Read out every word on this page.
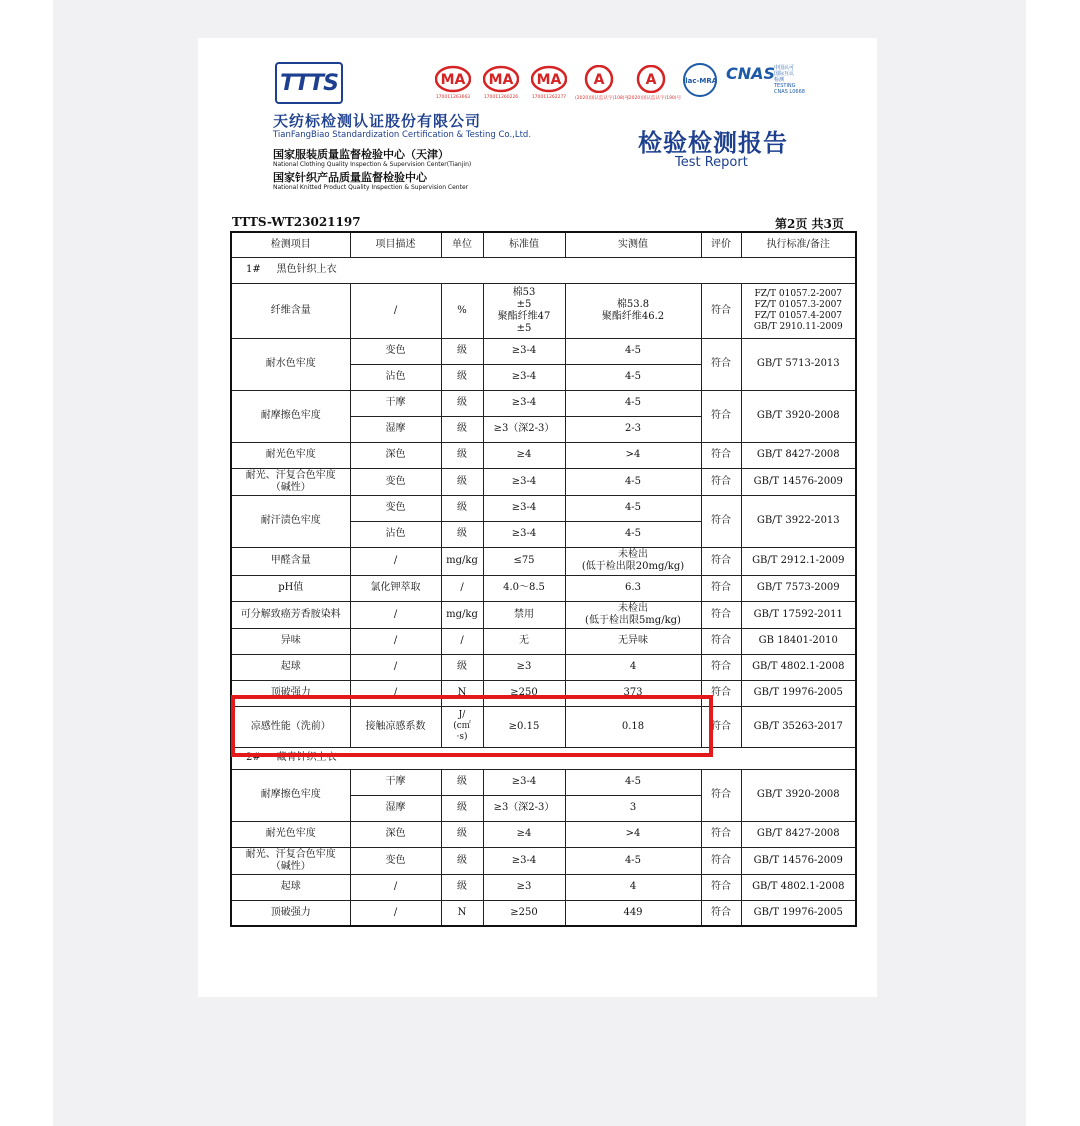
TTTS
天纺标检测认证股份有限公司
TianFangBiao Standardization Certification & Testing Co.,Ltd.
国家服装质量监督检验中心（天津）
National Clothing Quality Inspection & Supervision Center(Tianjin)
国家针织产品质量监督检验中心
National Knitted Product Quality Inspection & Supervision Center
MA
170011263663
MA
170011260226
MA
170011262277
A
(2020)国认监认字(108)号
A
(2020)国认监认字(190)号
ilac-MRA CNAS
中国认可
国际互认
检测
TESTING
CNAS L0668
检验检测报告
Test Report
TTTS-WT23021197	第2页 共3页
检测项目	项目描述	单位	标准值	实测值	评价	执行标准/备注
1#     黑色针织上衣						
纤维含量	/	%	棉53
±5
聚酯纤维47
±5	棉53.8
聚酯纤维46.2	符合	FZ/T 01057.2-2007
FZ/T 01057.3-2007
FZ/T 01057.4-2007
GB/T 2910.11-2009
耐水色牢度	变色	级	≥3-4	4-5	符合	GB/T 5713-2013
	沾色	级	≥3-4	4-5		
耐摩擦色牢度	干摩	级	≥3-4	4-5	符合	GB/T 3920-2008
	湿摩	级	≥3（深2-3）	2-3		
耐光色牢度	深色	级	≥4	>4	符合	GB/T 8427-2008
耐光、汗复合色牢度
（碱性）	变色	级	≥3-4	4-5	符合	GB/T 14576-2009
耐汗渍色牢度	变色	级	≥3-4	4-5	符合	GB/T 3922-2013
	沾色	级	≥3-4	4-5		
甲醛含量	/	mg/kg	≤75	未检出
(低于检出限20mg/kg)	符合	GB/T 2912.1-2009
pH值	氯化钾萃取	/	4.0～8.5	6.3	符合	GB/T 7573-2009
可分解致癌芳香胺染料	/	mg/kg	禁用	未检出
(低于检出限5mg/kg)	符合	GB/T 17592-2011
异味	/	/	无	无异味	符合	GB 18401-2010
起球	/	级	≥3	4	符合	GB/T 4802.1-2008
顶破强力	/	N	≥250	373	符合	GB/T 19976-2005
凉感性能（洗前）	接触凉感系数	J/
(c㎡
·s)	≥0.15	0.18	符合	GB/T 35263-2017
2#     藏青针织上衣						
耐摩擦色牢度	干摩	级	≥3-4	4-5	符合	GB/T 3920-2008
	湿摩	级	≥3（深2-3）	3		
耐光色牢度	深色	级	≥4	>4	符合	GB/T 8427-2008
耐光、汗复合色牢度
（碱性）	变色	级	≥3-4	4-5	符合	GB/T 14576-2009
起球	/	级	≥3	4	符合	GB/T 4802.1-2008
顶破强力	/	N	≥250	449	符合	GB/T 19976-2005
